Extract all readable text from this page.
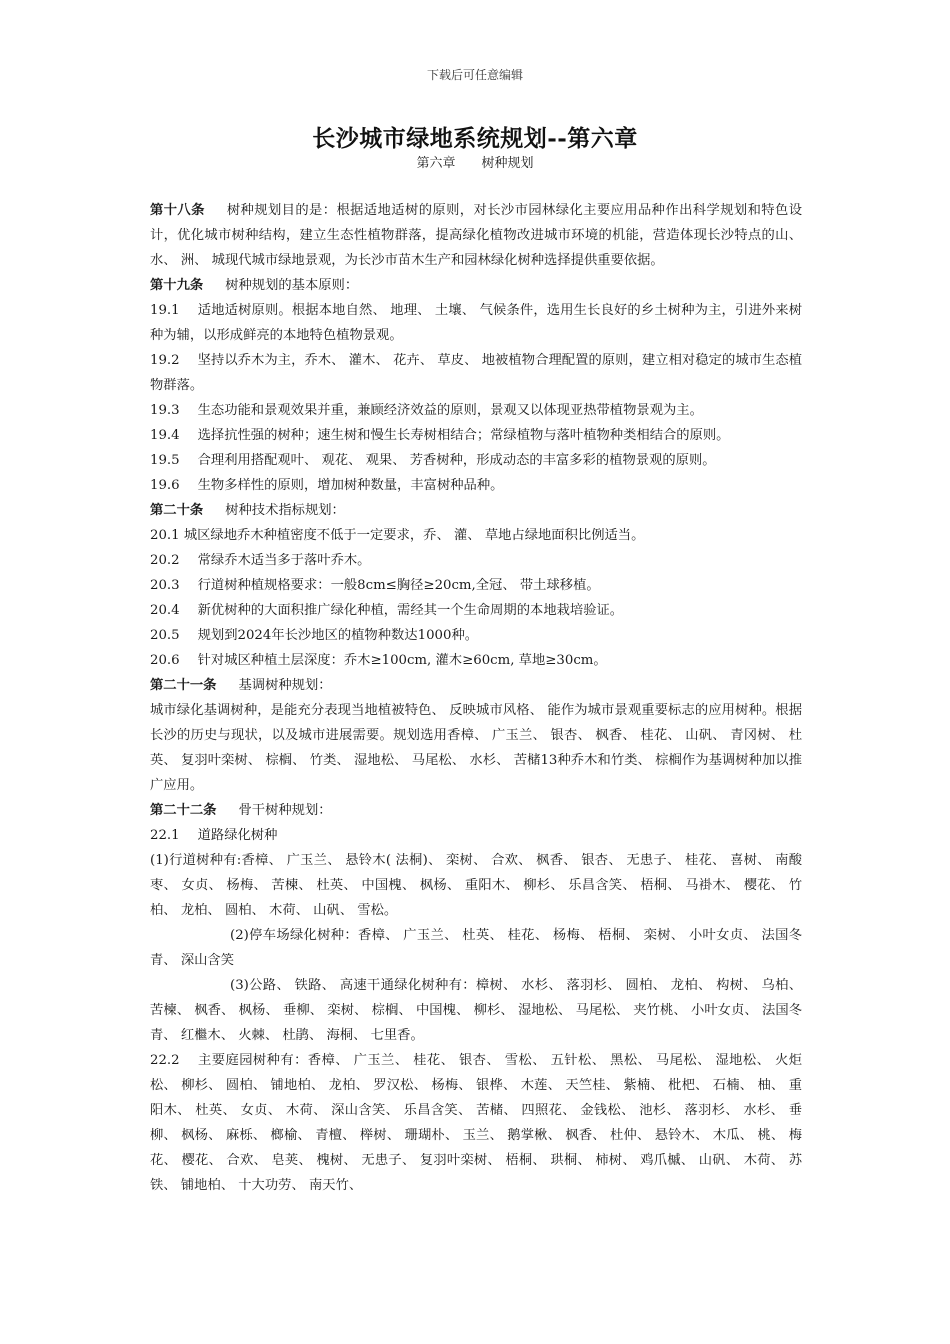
下载后可任意编辑
长沙城市绿地系统规划--第六章
第六章　　树种规划

第十八条 树种规划目的是：根据适地适树的原则，对长沙市园林绿化主要应用品种作出科学规划和特色设计，优化城市树种结构，建立生态性植物群落，提高绿化植物改进城市环境的机能，营造体现长沙特点的山、 水、 洲、 城现代城市绿地景观，为长沙市苗木生产和园林绿化树种选择提供重要依据。

第十九条 树种规划的基本原则：

19.1 适地适树原则。根据本地自然、 地理、 土壤、 气候条件，选用生长良好的乡土树种为主，引进外来树种为辅，以形成鲜亮的本地特色植物景观。

19.2 坚持以乔木为主，乔木、 灌木、 花卉、 草皮、 地被植物合理配置的原则，建立相对稳定的城市生态植物群落。

19.3 生态功能和景观效果并重，兼顾经济效益的原则，景观又以体现亚热带植物景观为主。

19.4 选择抗性强的树种；速生树和慢生长寿树相结合；常绿植物与落叶植物种类相结合的原则。

19.5 合理利用搭配观叶、 观花、 观果、 芳香树种，形成动态的丰富多彩的植物景观的原则。

19.6 生物多样性的原则，增加树种数量，丰富树种品种。

第二十条 树种技术指标规划：

20.1 城区绿地乔木种植密度不低于一定要求，乔、 灌、 草地占绿地面积比例适当。

20.2 常绿乔木适当多于落叶乔木。

20.3 行道树种植规格要求：一般8cm≤胸径≥20cm,全冠、 带土球移植。

20.4 新优树种的大面积推广绿化种植，需经其一个生命周期的本地栽培验证。

20.5 规划到2024年长沙地区的植物种数达1000种。

20.6 针对城区种植土层深度：乔木≥100cm, 灌木≥60cm, 草地≥30cm。

第二十一条 基调树种规划：

城市绿化基调树种，是能充分表现当地植被特色、 反映城市风格、 能作为城市景观重要标志的应用树种。根据长沙的历史与现状，以及城市进展需要。规划选用香樟、 广玉兰、 银杏、 枫香、 桂花、 山矾、 青冈树、 杜英、 复羽叶栾树、 棕榈、 竹类、 湿地松、 马尾松、 水杉、 苦槠13种乔木和竹类、 棕榈作为基调树种加以推广应用。

第二十二条 骨干树种规划：

22.1 道路绿化树种

(1)行道树种有:香樟、 广玉兰、 悬铃木( 法桐)、 栾树、 合欢、 枫香、 银杏、 无患子、 桂花、 喜树、 南酸枣、 女贞、 杨梅、 苦楝、 杜英、 中国槐、 枫杨、 重阳木、 柳杉、 乐昌含笑、 梧桐、 马褂木、 樱花、 竹柏、 龙柏、 圆柏、 木荷、 山矾、 雪松。

(2)停车场绿化树种：香樟、 广玉兰、 杜英、 桂花、 杨梅、 梧桐、 栾树、 小叶女贞、 法国冬青、 深山含笑

(3)公路、 铁路、 高速干通绿化树种有：樟树、 水杉、 落羽杉、 圆柏、 龙柏、 构树、 乌柏、 苦楝、 枫香、 枫杨、 垂柳、 栾树、 棕榈、 中国槐、 柳杉、 湿地松、 马尾松、 夹竹桃、 小叶女贞、 法国冬青、 红檵木、 火棘、 杜鹃、 海桐、 七里香。

22.2 主要庭园树种有：香樟、 广玉兰、 桂花、 银杏、 雪松、 五针松、 黑松、 马尾松、 湿地松、 火炬松、 柳杉、 圆柏、 铺地柏、 龙柏、 罗汉松、 杨梅、 银桦、 木莲、 天竺桂、 紫楠、 枇杷、 石楠、 柚、 重阳木、 杜英、 女贞、 木荷、 深山含笑、 乐昌含笑、 苦槠、 四照花、 金钱松、 池杉、 落羽杉、 水杉、 垂柳、 枫杨、 麻栎、 榔榆、 青檀、 榉树、 珊瑚朴、 玉兰、 鹅掌楸、 枫香、 杜仲、 悬铃木、 木瓜、 桃、 梅花、 樱花、 合欢、 皂荚、 槐树、 无患子、 复羽叶栾树、 梧桐、 珙桐、 柿树、 鸡爪槭、 山矾、 木荷、 苏铁、 铺地柏、 十大功劳、 南天竹、
